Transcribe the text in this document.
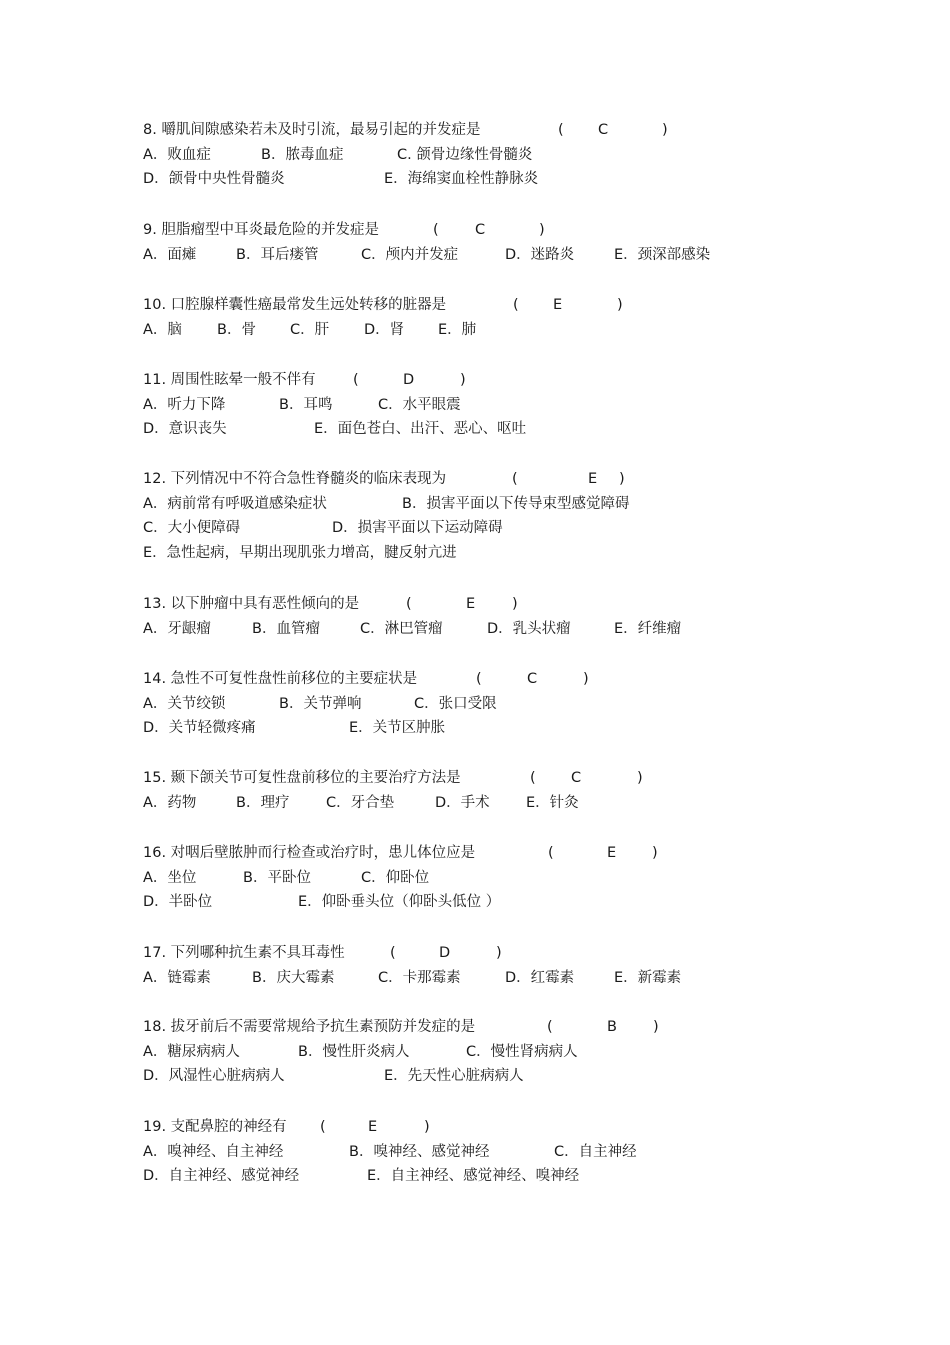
8. 嚼肌间隙感染若未及时引流，最易引起的并发症是	( C	)
A．败血症	B．脓毒血症	C. 颌骨边缘性骨髓炎
D．颌骨中央性骨髓炎	E．海绵窦血栓性静脉炎
9. 胆脂瘤型中耳炎最危险的并发症是	(	C	)
A．面瘫	B．耳后瘘管	C．颅内并发症	D．迷路炎	E．颈深部感染
10. 口腔腺样囊性癌最常发生远处转移的脏器是	( E	)
A．脑 B．骨 C．肝 D．肾 E．肺
11. 周围性眩晕一般不伴有	(	D	)
A．听力下降	B．耳鸣	C．水平眼震
D．意识丧失	E．面色苍白、出汗、恶心、呕吐
12. 下列情况中不符合急性脊髓炎的临床表现为	(	E )
A．病前常有呼吸道感染症状	B．损害平面以下传导束型感觉障碍
C．大小便障碍	D．损害平面以下运动障碍
E．急性起病，早期出现肌张力增高，腱反射亢进
13. 以下肿瘤中具有恶性倾向的是	(	E	)
A．牙龈瘤	B．血管瘤	C．淋巴管瘤	D．乳头状瘤	E．纤维瘤
14. 急性不可复性盘性前移位的主要症状是	(	C	)
A．关节绞锁	B．关节弹响	C．张口受限
D．关节轻微疼痛	E．关节区肿胀
15. 颞下颌关节可复性盘前移位的主要治疗方法是	( C	)
A．药物	B．理疗	C．牙合垫	D．手术	E．针灸
16. 对咽后壁脓肿而行检查或治疗时，患儿体位应是	(	E )
A．坐位	B．平卧位	C．仰卧位
D．半卧位	E．仰卧垂头位（仰卧头低位 ）
17. 下列哪种抗生素不具耳毒性	(	D	)
A．链霉素	B．庆大霉素	C．卡那霉素	D．红霉素	E．新霉素
18. 拔牙前后不需要常规给予抗生素预防并发症的是	(	B )
A．糖尿病病人	B．慢性肝炎病人	C．慢性肾病病人
D．风湿性心脏病病人	E．先天性心脏病病人
19. 支配鼻腔的神经有 (	E	)
A．嗅神经、自主神经	B．嗅神经、感觉神经	C．自主神经
D．自主神经、感觉神经	E．自主神经、感觉神经、嗅神经
